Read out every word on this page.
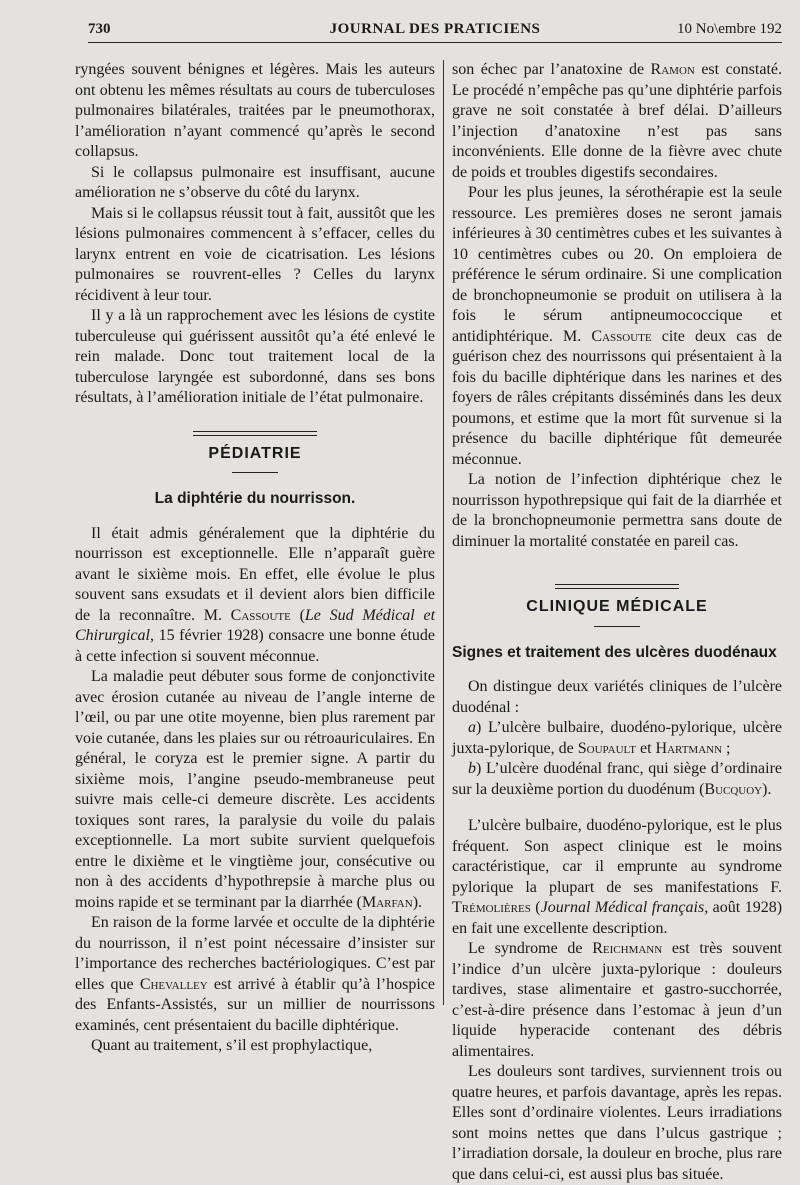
730	JOURNAL DES PRATICIENS	10 No\embre 192

ryngées souvent bénignes et légères. Mais les auteurs ont obtenu les mêmes résultats au cours de tuberculoses pulmonaires bilatérales, traitées par le pneumothorax, l’amélioration n’ayant commencé qu’après le second collapsus.

Si le collapsus pulmonaire est insuffisant, aucune amélioration ne s’observe du côté du larynx.

Mais si le collapsus réussit tout à fait, aussitôt que les lésions pulmonaires commencent à s’effacer, celles du larynx entrent en voie de cicatrisation. Les lésions pulmonaires se rouvrent-elles ? Celles du larynx récidivent à leur tour.

Il y a là un rapprochement avec les lésions de cystite tuberculeuse qui guérissent aussitôt qu’a été enlevé le rein malade. Donc tout traitement local de la tuberculose laryngée est subordonné, dans ses bons résultats, à l’amélioration initiale de l’état pulmonaire.

PÉDIATRIE
La diphtérie du nourrisson.

Il était admis généralement que la diphtérie du nourrisson est exceptionnelle. Elle n’apparaît guère avant le sixième mois. En effet, elle évolue le plus souvent sans exsudats et il devient alors bien difficile de la reconnaître. M. Cassoute (Le Sud Médical et Chirurgical, 15 février 1928) consacre une bonne étude à cette infection si souvent méconnue.

La maladie peut débuter sous forme de conjonctivite avec érosion cutanée au niveau de l’angle interne de l’œil, ou par une otite moyenne, bien plus rarement par voie cutanée, dans les plaies sur ou rétroauriculaires. En général, le coryza est le premier signe. A partir du sixième mois, l’angine pseudo-membraneuse peut suivre mais celle-ci demeure discrète. Les accidents toxiques sont rares, la paralysie du voile du palais exceptionnelle. La mort subite survient quelquefois entre le dixième et le vingtième jour, consécutive ou non à des accidents d’hypothrepsie à marche plus ou moins rapide et se terminant par la diarrhée (Marfan).

En raison de la forme larvée et occulte de la diphtérie du nourrisson, il n’est point nécessaire d’insister sur l’importance des recherches bactériologiques. C’est par elles que Chevalley est arrivé à établir qu’à l’hospice des Enfants-Assistés, sur un millier de nourrissons examinés, cent présentaient du bacille diphtérique.

Quant au traitement, s’il est prophylactique,

son échec par l’anatoxine de Ramon est constaté. Le procédé n’empêche pas qu’une diphtérie parfois grave ne soit constatée à bref délai. D’ailleurs l’injection d’anatoxine n’est pas sans inconvénients. Elle donne de la fièvre avec chute de poids et troubles digestifs secondaires.

Pour les plus jeunes, la sérothérapie est la seule ressource. Les premières doses ne seront jamais inférieures à 30 centimètres cubes et les suivantes à 10 centimètres cubes ou 20. On emploiera de préférence le sérum ordinaire. Si une complication de bronchopneumonie se produit on utilisera à la fois le sérum antipneumococcique et antidiphtérique. M. Cassoute cite deux cas de guérison chez des nourrissons qui présentaient à la fois du bacille diphtérique dans les narines et des foyers de râles crépitants disséminés dans les deux poumons, et estime que la mort fût survenue si la présence du bacille diphtérique fût demeurée méconnue.

La notion de l’infection diphtérique chez le nourrisson hypothrepsique qui fait de la diarrhée et de la bronchopneumonie permettra sans doute de diminuer la mortalité constatée en pareil cas.

CLINIQUE MÉDICALE
Signes et traitement des ulcères duodénaux

On distingue deux variétés cliniques de l’ulcère duodénal :

a) L’ulcère bulbaire, duodéno-pylorique, ulcère juxta-pylorique, de Soupault et Hartmann ;

b) L’ulcère duodénal franc, qui siège d’ordinaire sur la deuxième portion du duodénum (Bucquoy).

L’ulcère bulbaire, duodéno-pylorique, est le plus fréquent. Son aspect clinique est le moins caractéristique, car il emprunte au syndrome pylorique la plupart de ses manifestations F. Trémolières (Journal Médical français, août 1928) en fait une excellente description.

Le syndrome de Reichmann est très souvent l’indice d’un ulcère juxta-pylorique : douleurs tardives, stase alimentaire et gastro-succhorrée, c’est-à-dire présence dans l’estomac à jeun d’un liquide hyperacide contenant des débris alimentaires.

Les douleurs sont tardives, surviennent trois ou quatre heures, et parfois davantage, après les repas. Elles sont d’ordinaire violentes. Leurs irradiations sont moins nettes que dans l’ulcus gastrique ; l’irradiation dorsale, la douleur en broche, plus rare que dans celui-ci, est aussi plus bas située.
